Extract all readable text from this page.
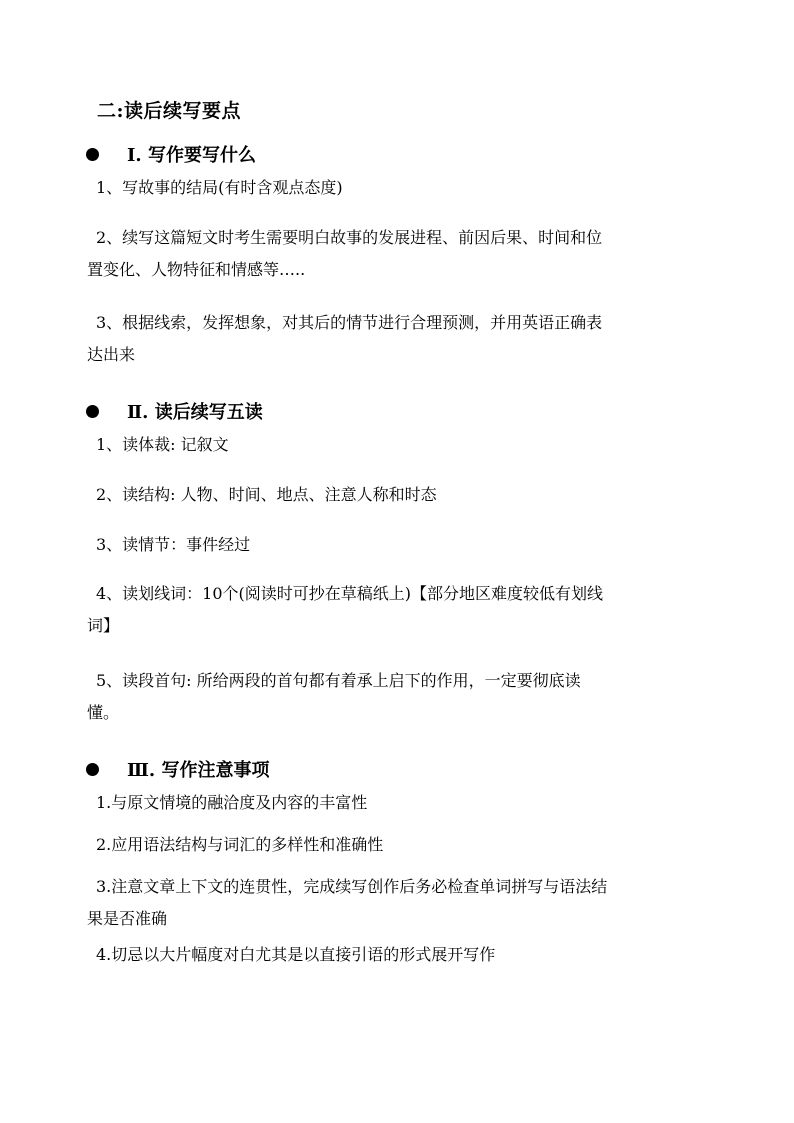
二:读后续写要点
Ⅰ. 写作要写什么
1、写故事的结局(有时含观点态度)
2、续写这篇短文时考生需要明白故事的发展进程、前因后果、时间和位
置变化、人物特征和情感等…..
3、根据线索，发挥想象，对其后的情节进行合理预测，并用英语正确表
达出来
Ⅱ. 读后续写五读
1、读体裁: 记叙文
2、读结构: 人物、时间、地点、注意人称和时态
3、读情节：事件经过
4、读划线词：10个(阅读时可抄在草稿纸上)【部分地区难度较低有划线
词】
5、读段首句: 所给两段的首句都有着承上启下的作用，一定要彻底读
懂。
Ⅲ. 写作注意事项
1.与原文情境的融洽度及内容的丰富性
2.应用语法结构与词汇的多样性和准确性
3.注意文章上下文的连贯性，完成续写创作后务必检查单词拼写与语法结
果是否准确
4.切忌以大片幅度对白尤其是以直接引语的形式展开写作
